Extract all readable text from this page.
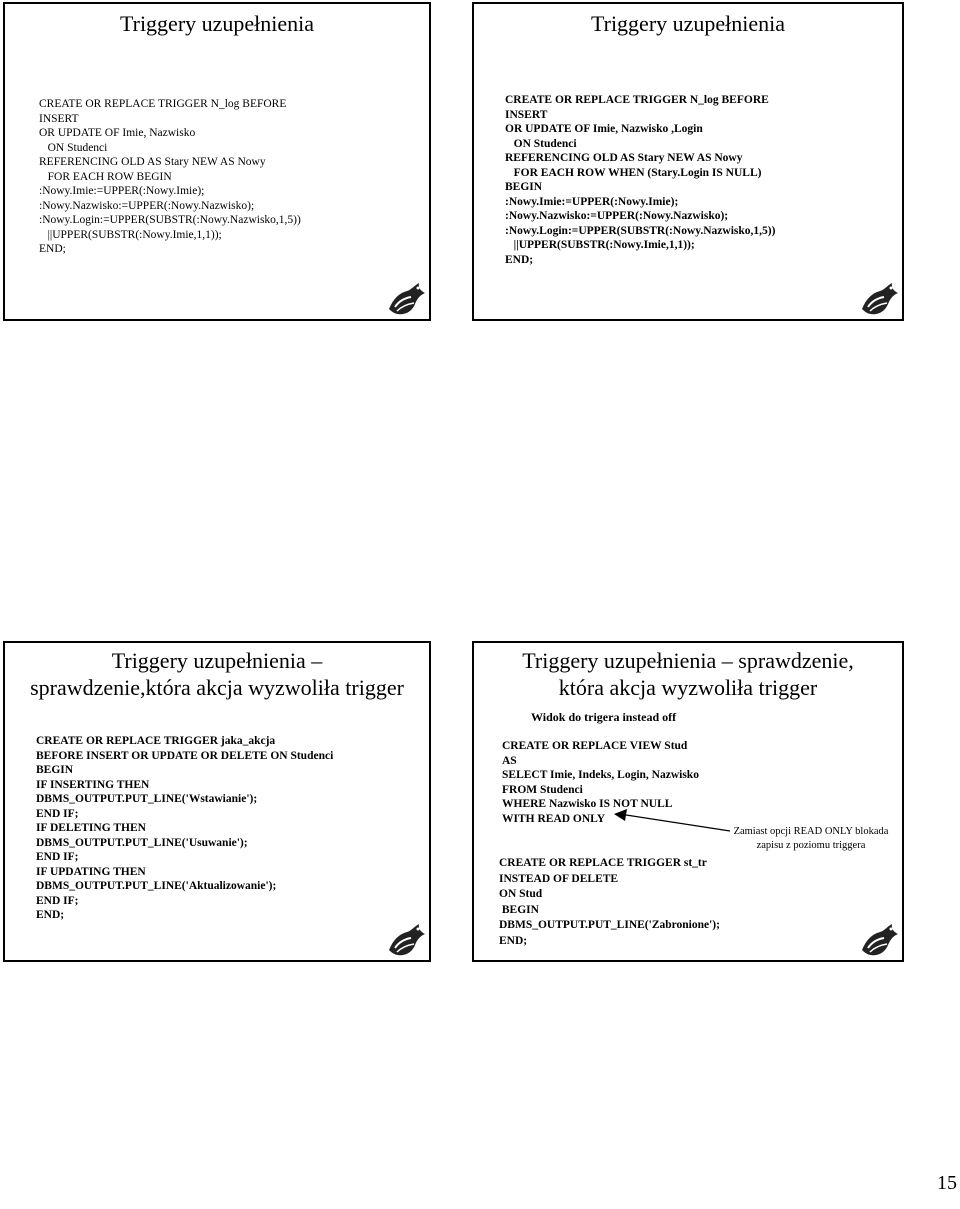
Triggery uzupełnienia
CREATE OR REPLACE TRIGGER N_log BEFORE
INSERT
OR UPDATE OF Imie, Nazwisko
ON Studenci
REFERENCING OLD AS Stary NEW AS Nowy
FOR EACH ROW BEGIN
:Nowy.Imie:=UPPER(:Nowy.Imie);
:Nowy.Nazwisko:=UPPER(:Nowy.Nazwisko);
:Nowy.Login:=UPPER(SUBSTR(:Nowy.Nazwisko,1,5))
||UPPER(SUBSTR(:Nowy.Imie,1,1));
END;
Triggery uzupełnienia
CREATE OR REPLACE TRIGGER N_log BEFORE
INSERT
OR UPDATE OF Imie, Nazwisko ,Login
ON Studenci
REFERENCING OLD AS Stary NEW AS Nowy
FOR EACH ROW WHEN (Stary.Login IS NULL)
BEGIN
:Nowy.Imie:=UPPER(:Nowy.Imie);
:Nowy.Nazwisko:=UPPER(:Nowy.Nazwisko);
:Nowy.Login:=UPPER(SUBSTR(:Nowy.Nazwisko,1,5))
||UPPER(SUBSTR(:Nowy.Imie,1,1));
END;
Triggery uzupełnienia –
sprawdzenie,która akcja wyzwoliła trigger
CREATE OR REPLACE TRIGGER jaka_akcja
BEFORE INSERT OR UPDATE OR DELETE ON Studenci
BEGIN
IF INSERTING THEN
DBMS_OUTPUT.PUT_LINE('Wstawianie');
END IF;
IF DELETING THEN
DBMS_OUTPUT.PUT_LINE('Usuwanie');
END IF;
IF UPDATING THEN
DBMS_OUTPUT.PUT_LINE('Aktualizowanie');
END IF;
END;
Triggery uzupełnienia – sprawdzenie,
która akcja wyzwoliła trigger
Widok do trigera instead off
CREATE OR REPLACE VIEW Stud
AS
SELECT Imie, Indeks, Login, Nazwisko
FROM Studenci
WHERE Nazwisko IS NOT NULL
WITH READ ONLY
CREATE OR REPLACE TRIGGER st_tr
INSTEAD OF DELETE
ON Stud
BEGIN
DBMS_OUTPUT.PUT_LINE('Zabronione');
END;
Zamiast opcji READ ONLY blokada zapisu z poziomu triggera
15
